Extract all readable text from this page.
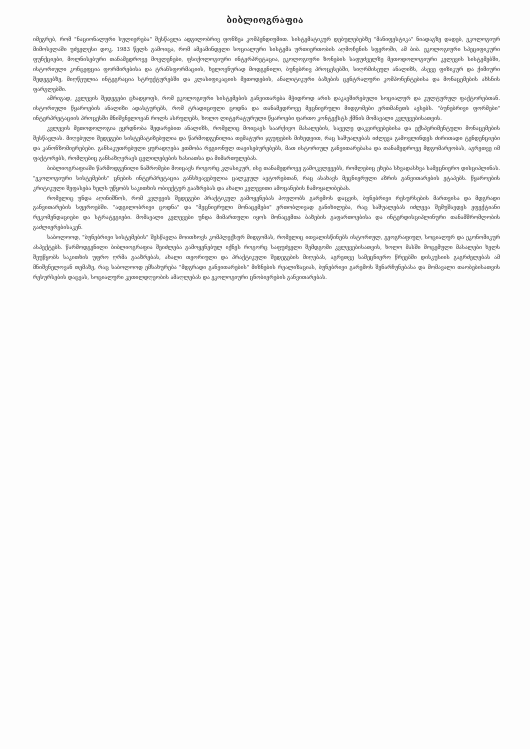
ბიბლიოგრაფია

იმეგრებ, რომ "ნაციონალური სულიერება" შესწავლა ადგილობრივ ფონზეა კომპენდიუმით. სისტემატიკურ დებულებებზე "მანიფესტიკა" ნიადაგზე დადებ, ეკოლოგიურ მიმოსვლაში უძველესი დოკ. 1983 წელს გამოიცა, რომ ამჟამინდელი სოციალური სისტემა ურთიერთობის აღმოჩენის სფეროში, ამ ბიბ. ეკოლოგიური სპეციფიკური ფუნქციები, მოლნისებური თანამედროვე მოვლენები, ფსიქოლოგიური ინტერპრეტაცია, ეკოლოგიური ზონების საფუძველზე მეთოდოლოგიური კვლევის სისტემებში, ისტორიული კონცეფცია ფორმირებისა და ტრანსფორმაციის, ხელოვნურად მოდგენილი, ბუნებრივ პროცესებში, სიღრმისეულ ანალიზს, ასევე ფიზიკურ და ქიმიური შედეგებზე, მიღწეულია ინტეგრაცია სტრუქტურებში და კლასიფიკაციის მეთოდების, ანალიტიკური ბაზების ცენტრალური კომპონენტებისა და მონაცემების ახსნის ფარგლებში.

ამრიგად, კვლევის შედეგები ცხადყოფს, რომ ეკოლოგიური სისტემების განვითარება მჭიდროდ არის დაკავშირებული სოციალურ და კულტურულ ფაქტორებთან. ისტორიული წყაროების ანალიზი ადასტურებს, რომ ტრადიციული ცოდნა და თანამედროვე მეცნიერული მიდგომები ერთმანეთს ავსებს. "ბუნებრივი ფორმები" ინტერპრეტაციის პროცესში მნიშვნელოვან როლს ასრულებს, ხოლო ლიტერატურული წყაროები ფართო კონტექსტს ქმნის მომავალი კვლევებისათვის.

კვლევის მეთოდოლოგია ეყრდნობა შედარებით ანალიზს, რომელიც მოიცავს საარქივო მასალების, საველე დაკვირვებებისა და ექსპერიმენტული მონაცემების შესწავლას. მიღებული შედეგები სისტემატიზებულია და წარმოდგენილია თემატური ჯგუფების მიხედვით, რაც საშუალებას იძლევა გამოვლინდეს ძირითადი ტენდენციები და კანონზომიერებები. განსაკუთრებული ყურადღება ეთმობა რეგიონულ თავისებურებებს, მათ ისტორიულ განვითარებასა და თანამედროვე მდგომარეობას, აგრეთვე იმ ფაქტორებს, რომლებიც განსაზღვრავს ცვლილებების ხასიათსა და მიმართულებას.

ბიბლიოგრაფიაში წარმოდგენილი ნაშრომები მოიცავს როგორც კლასიკურ, ისე თანამედროვე გამოკვლევებს, რომლებიც ეხება სხვადასხვა სამეცნიერო დისციპლინას. "ეკოლოგიური სისტემების" ცნების ინტერპრეტაცია განსხვავებულია ცალკეულ ავტორებთან, რაც ასახავს მეცნიერული აზრის განვითარების ეტაპებს. წყაროების კრიტიკული შეფასება ხელს უწყობს საკითხის ობიექტურ გააზრებას და ახალი კვლევითი ამოცანების ჩამოყალიბებას.

რომელიც უნდა აღინიშნოს, რომ კვლევის შედეგები პრაქტიკულ გამოყენებას პოულობს გარემოს დაცვის, ბუნებრივი რესურსების მართვისა და მდგრადი განვითარების სფეროებში. "ადგილობრივი ცოდნა" და "მეცნიერული მონაცემები" ერთობლივად განიხილება, რაც საშუალებას იძლევა შემუშავდეს ეფექტიანი რეკომენდაციები და სტრატეგიები. მომავალი კვლევები უნდა მიმართული იყოს მონაცემთა ბაზების გაფართოებისა და ინტერდისციპლინური თანამშრომლობის გაძლიერებისაკენ.

საბოლოოდ, "ბუნებრივი სისტემების" შესწავლა მოითხოვს კომპლექსურ მიდგომას, რომელიც ითვალისწინებს ისტორიულ, გეოგრაფიულ, სოციალურ და ეკონომიკურ ასპექტებს. წარმოდგენილი ბიბლიოგრაფია შეიძლება გამოყენებულ იქნეს როგორც საფუძველი შემდგომი კვლევებისათვის, ხოლო მასში მოცემული მასალები ხელს შეუწყობს საკითხის უფრო ღრმა გააზრებას, ახალი თეორიული და პრაქტიკული შედეგების მიღებას, აგრეთვე სამეცნიერო წრეებში დისკუსიის გაგრძელებას ამ მნიშვნელოვან თემაზე, რაც საბოლოოდ ემსახურება "მდგრადი განვითარების" მიზნების რეალიზაციას, ბუნებრივი გარემოს შენარჩუნებასა და მომავალი თაობებისათვის რესურსების დაცვას, სოციალური კეთილდღეობის ამაღლებას და ეკოლოგიური ცნობიერების განვითარებას.
